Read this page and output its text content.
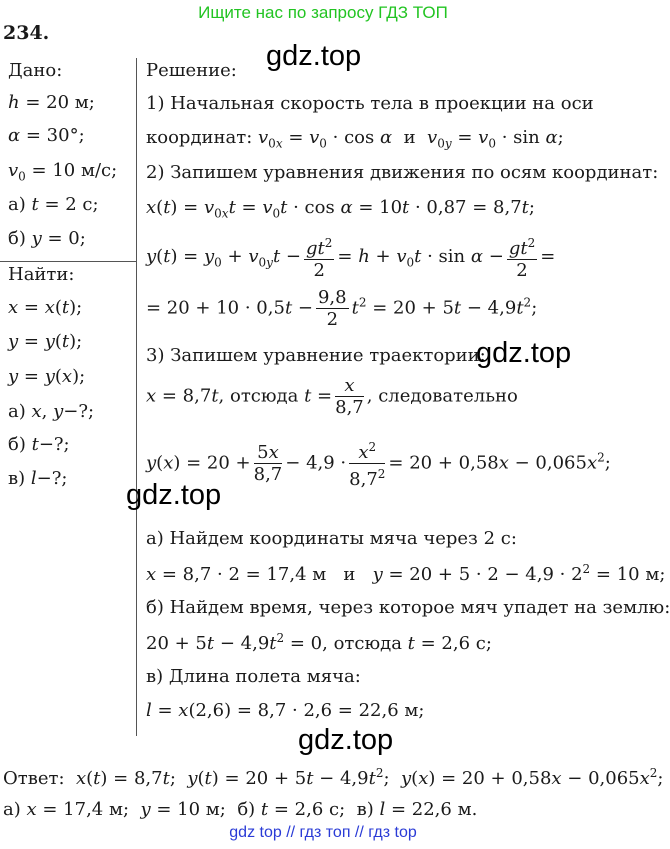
Ищите нас по запросу ГДЗ ТОП
234.
Дано:
h = 20 м;
α = 30°;
$v_0 = 10$ м/с;
а) t = 2 с;
б) y = 0;
Найти:
x = x(t);
y = y(t);
y = y(x);
а) x, y−?;
б) t−?;
в) l−?;
Решение:
1) Начальная скорость тела в проекции на оси
координат: $v_{0x} = v_0 \cdot \cos \alpha$  и  $v_{0y} = v_0 \cdot \sin \alpha$;
2) Запишем уравнения движения по осям координат:
$x(t) = v_{0x}t = v_0t \cdot \cos \alpha = 10t \cdot 0,87 = 8,7t$;
$y(t) = y_0 + v_{0y}t - \frac{gt^2}{2} = h + v_0t \cdot \sin \alpha - \frac{gt^2}{2}$ =
= $20 + 10 \cdot 0,5t - \frac{9,8}{2} t^2 = 20 + 5t - 4,9t^2$;
3) Запишем уравнение траектории:
x = 8,7t, отсюда $t = \frac{x}{8,7}$ , следовательно
$y(x) = 20 + \frac{5x}{8,7} - 4,9 \cdot \frac{x^2}{8,7^2} = 20 + 0,58x - 0,065x^2$;
а) Найдем координаты мяча через 2 с:
x = 8,7 · 2 = 17,4 м   и   $y = 20 + 5 \cdot 2 - 4,9 \cdot 2^2 = 10$ м;
б) Найдем время, через которое мяч упадет на землю:
$20 + 5t - 4,9t^2 = 0$, отсюда t = 2,6 с;
в) Длина полета мяча:
l = x(2,6) = 8,7 · 2,6 = 22,6 м;
Ответ:  x(t) = 8,7t;  $y(t) = 20 + 5t - 4,9t^2$;  $y(x) = 20 + 0,58x - 0,065x^2$;
а) x = 17,4 м;  y = 10 м;  б) t = 2,6 с;  в) l = 22,6 м.
gdz.top
gdz.top
gdz.top
gdz.top
gdz top // гдз топ // гдз top
